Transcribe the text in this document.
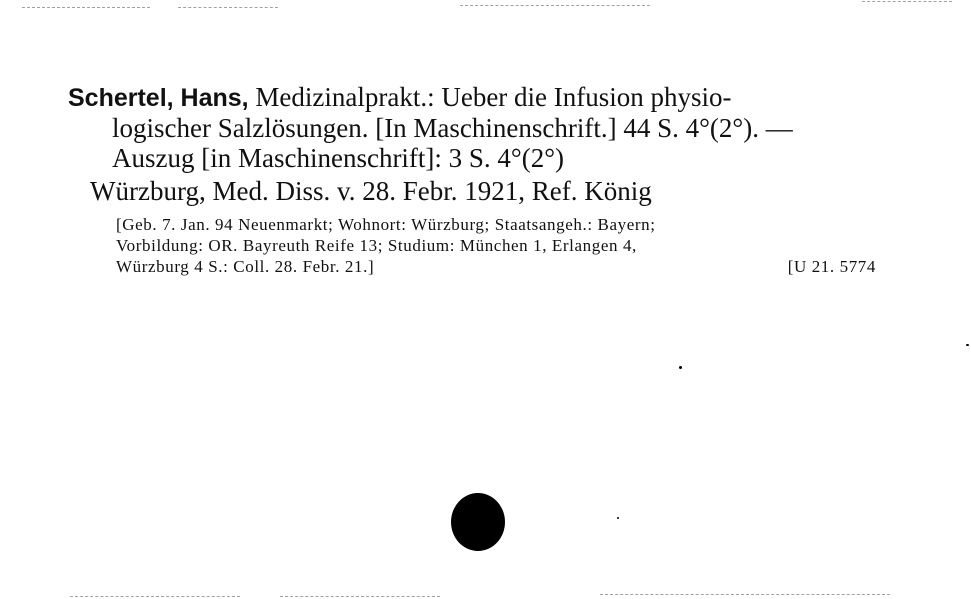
Schertel, Hans, Medizinalprakt.: Ueber die Infusion physio-
logischer Salzlösungen. [In Maschinenschrift.] 44 S. 4°(2°). —
Auszug [in Maschinenschrift]: 3 S. 4°(2°)
Würzburg, Med. Diss. v. 28. Febr. 1921, Ref. König
[Geb. 7. Jan. 94 Neuenmarkt; Wohnort: Würzburg; Staatsangeh.: Bayern;
Vorbildung: OR. Bayreuth Reife 13; Studium: München 1, Erlangen 4,
Würzburg 4 S.: Coll. 28. Febr. 21.]	[U 21. 5774
